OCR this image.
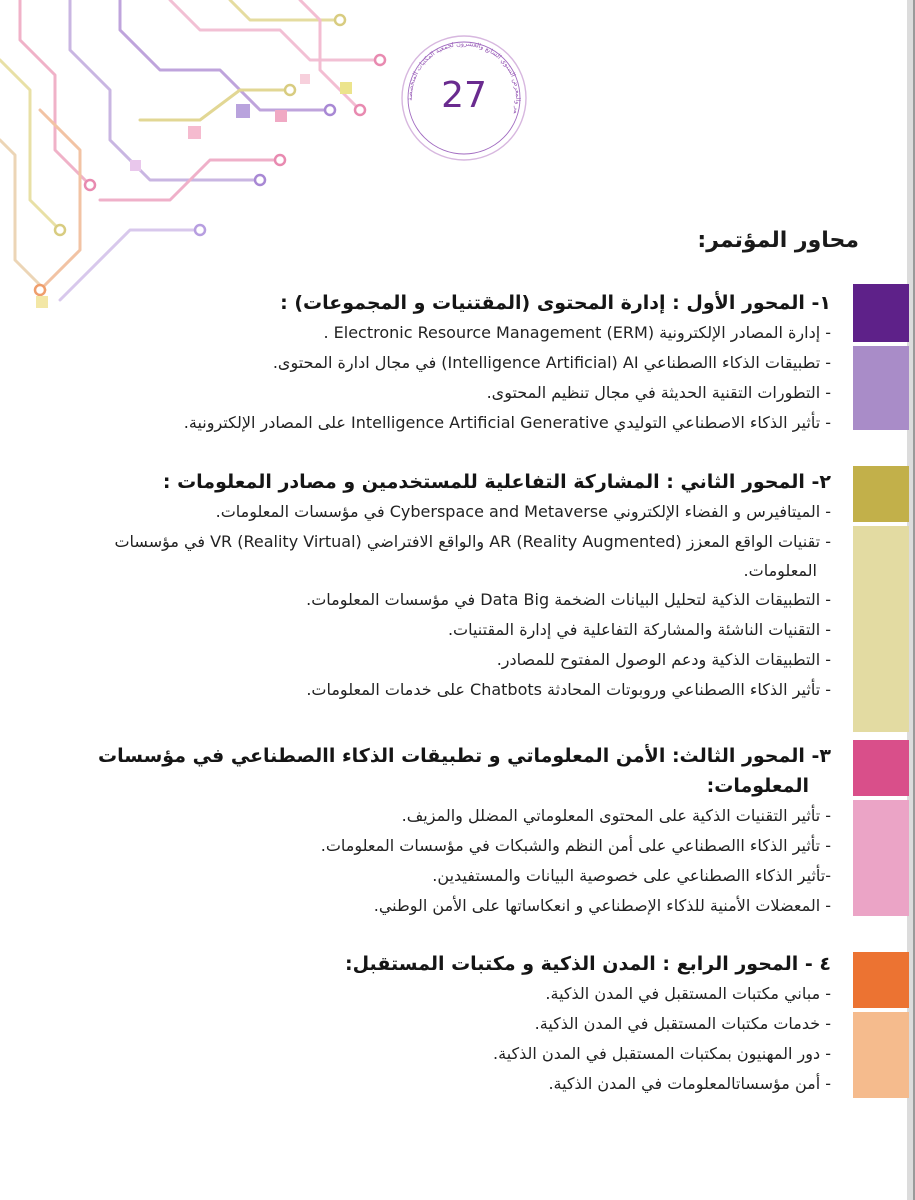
مر والمعرض السنوي السابع والعشرون لجمعية المكتبات المتخصصة
27
محاور المؤتمر:
١- المحور الأول : إدارة المحتوى (المقتنيات و المجموعات) :
- إدارة المصادر الإلكترونية (Electronic Resource Management (ERM .
- تطبيقات الذكاء االصطناعي Intelligence Artificial) AI) في مجال ادارة المحتوى.
- التطورات التقنية الحديثة في مجال تنظيم المحتوى.
- تأثير الذكاء الاصطناعي التوليدي Intelligence Artificial Generative على المصادر الإلكترونية.
٢- المحور الثاني : المشاركة التفاعلية للمستخدمين و مصادر المعلومات :
- الميتافيرس و الفضاء الإلكتروني Cyberspace and Metaverse في مؤسسات المعلومات.
- تقنيات الواقع المعزز (AR (Reality Augmented والواقع الافتراضي (VR (Reality Virtual في مؤسسات المعلومات.
- التطبيقات الذكية لتحليل البيانات الضخمة Data Big في مؤسسات المعلومات.
- التقنيات الناشئة والمشاركة التفاعلية في إدارة المقتنيات.
- التطبيقات الذكية ودعم الوصول المفتوح للمصادر.
- تأثير الذكاء االصطناعي وروبوتات المحادثة Chatbots على خدمات المعلومات.
٣- المحور الثالث: الأمن المعلوماتي و تطبيقات الذكاء االصطناعي في مؤسسات المعلومات:
- تأثير التقنيات الذكية على المحتوى المعلوماتي المضلل والمزيف.
- تأثير الذكاء االصطناعي على أمن النظم والشبكات في مؤسسات المعلومات.
-تأثير الذكاء االصطناعي على خصوصية البيانات والمستفيدين.
- المعضلات الأمنية للذكاء الإصطناعي و انعكاساتها على الأمن الوطني.
٤ - المحور الرابع : المدن الذكية و مكتبات المستقبل:
- مباني مكتبات المستقبل في المدن الذكية.
- خدمات مكتبات المستقبل في المدن الذكية.
- دور المهنيون بمكتبات المستقبل في المدن الذكية.
- أمن مؤسساتالمعلومات في المدن الذكية.
